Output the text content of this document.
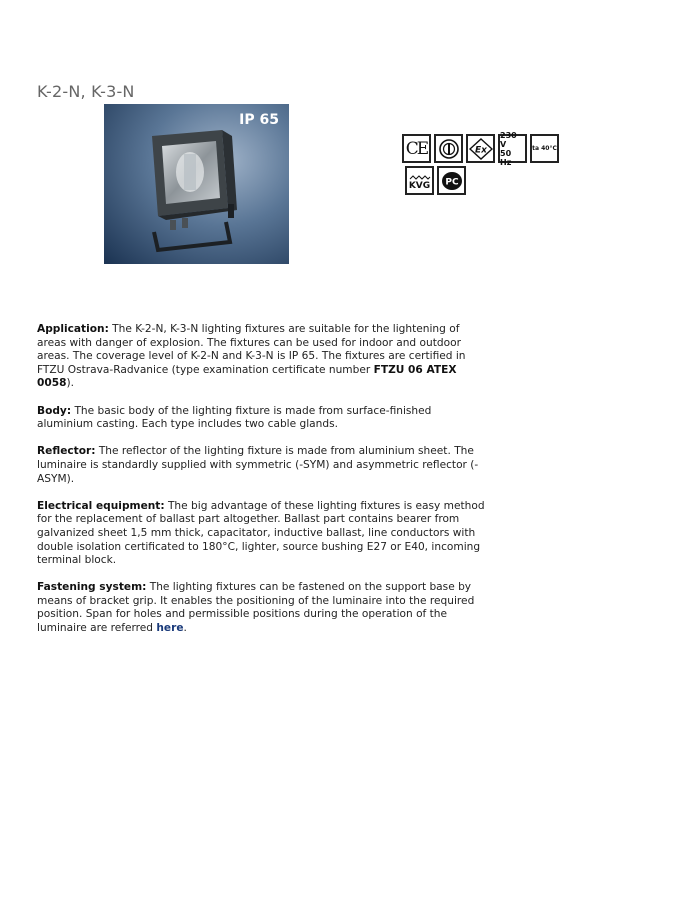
K-2-N, K-3-N
IP 65
CE	Ex
230 V
50 Hz
ta 40°C
KVG PC

Application: The K-2-N, K-3-N lighting fixtures are suitable for the lightening of areas with danger of explosion. The fixtures can be used for indoor and outdoor areas. The coverage level of K-2-N and K-3-N is IP 65. The fixtures are certified in FTZU Ostrava-Radvanice (type examination certificate number FTZU 06 ATEX 0058).

Body: The basic body of the lighting fixture is made from surface-finished aluminium casting. Each type includes two cable glands.

Reflector: The reflector of the lighting fixture is made from aluminium sheet. The luminaire is standardly supplied with symmetric (-SYM) and asymmetric reflector (-ASYM).

Electrical equipment: The big advantage of these lighting fixtures is easy method for the replacement of ballast part altogether. Ballast part contains bearer from galvanized sheet 1,5 mm thick, capacitator, inductive ballast, line conductors with double isolation certificated to 180°C, lighter, source bushing E27 or E40, incoming terminal block.

Fastening system: The lighting fixtures can be fastened on the support base by means of bracket grip. It enables the positioning of the luminaire into the required position. Span for holes and permissible positions during the operation of the luminaire are referred here.
